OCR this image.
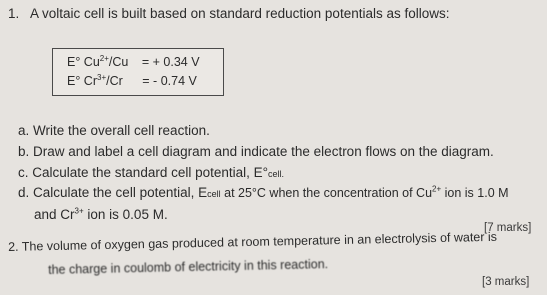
1. A voltaic cell is built based on standard reduction potentials as follows:
E° $Cu^{2+}/Cu$ = + 0.34 V
E° $Cr^{3+}/Cr$ = - 0.74 V
a. Write the overall cell reaction.
b. Draw and label a cell diagram and indicate the electron flows on the diagram.
c. Calculate the standard cell potential, E°cell.
d. Calculate the cell potential, Ecell at 25°C when the concentration of $Cu^{2+}$ ion is 1.0 M
and $Cr^{3+}$ ion is 0.05 M.
[7 marks]
2. The volume of oxygen gas produced at room temperature in an electrolysis of water is
the charge in coulomb of electricity in this reaction.
[3 marks]
